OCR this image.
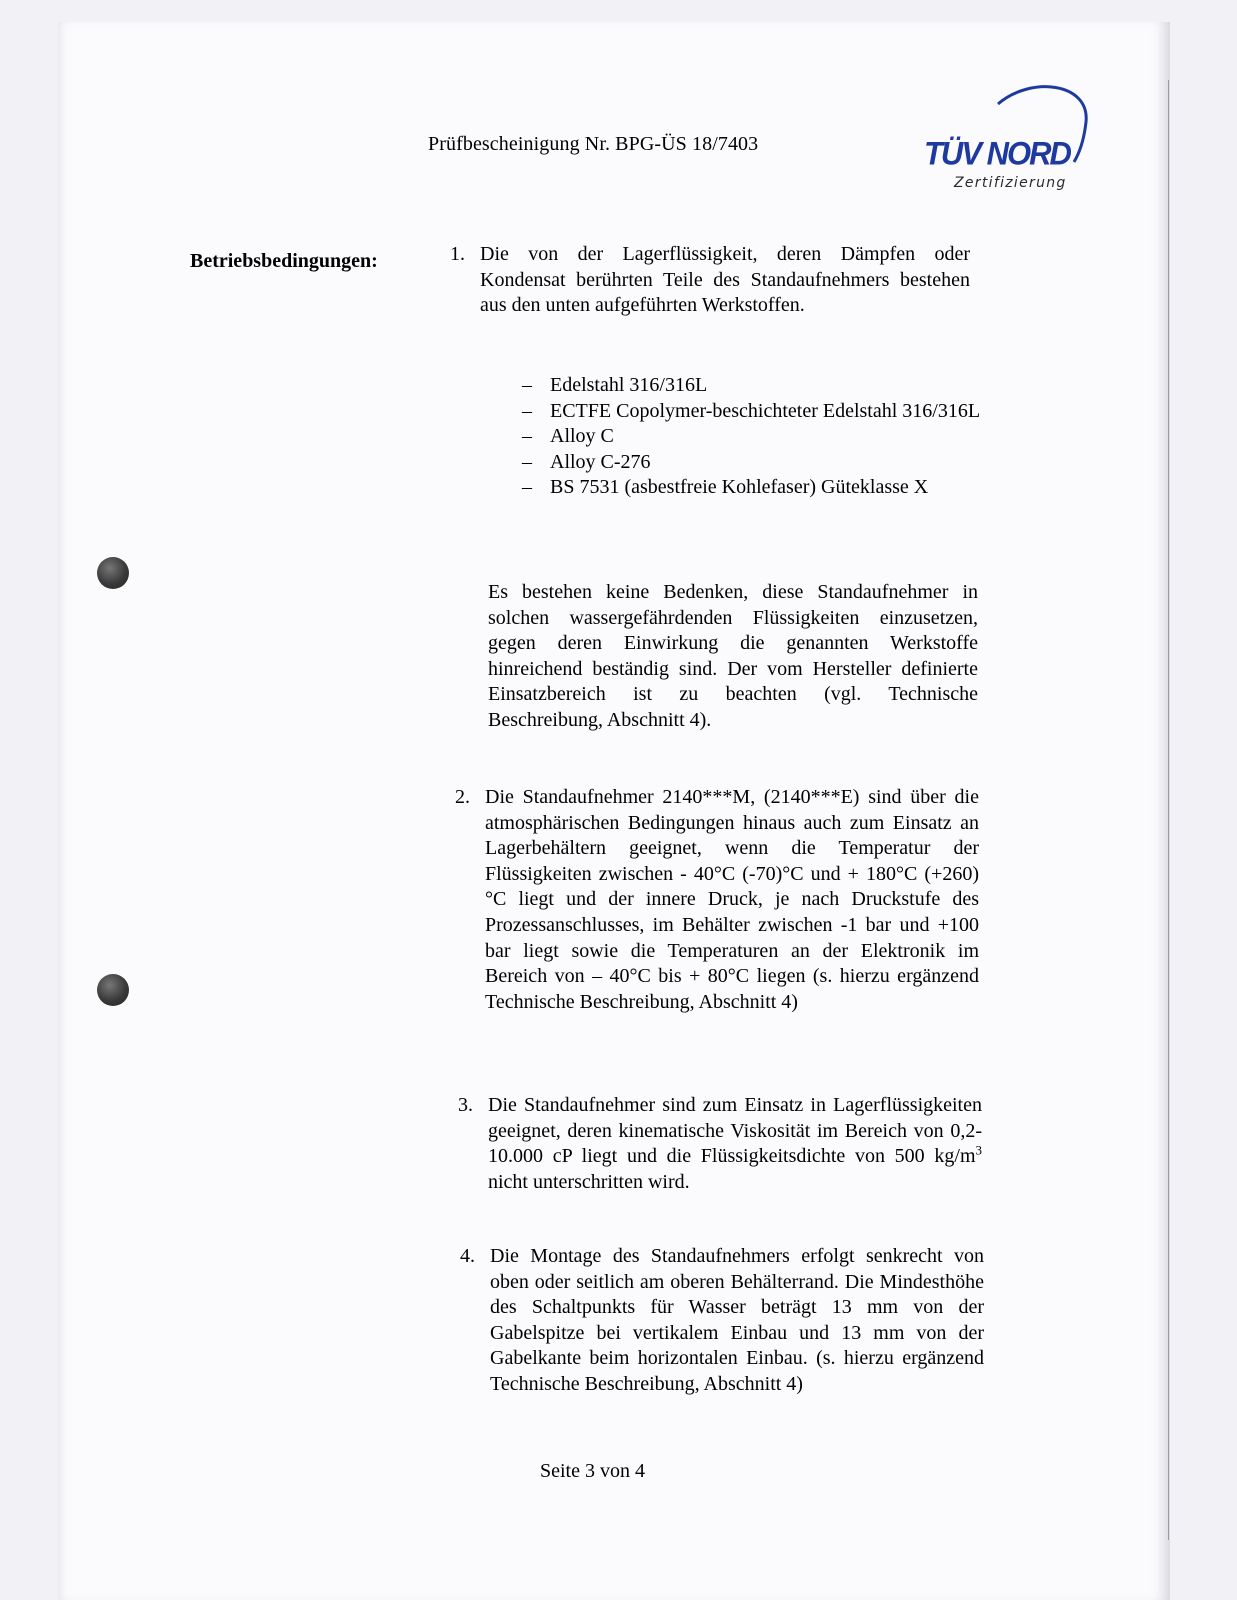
Prüfbescheinigung Nr. BPG-ÜS 18/7403	TÜV NORD
Zertifizierung
Betriebsbedingungen:	1. Die von der Lagerflüssigkeit, deren Dämpfen oder Kondensat berührten Teile des Standaufnehmers bestehen aus den unten aufgeführten Werkstoffen.
– Edelstahl 316/316L
– ECTFE Copolymer-beschichteter Edelstahl 316/316L
– Alloy C
– Alloy C-276
– BS 7531 (asbestfreie Kohlefaser) Güteklasse X
Es bestehen keine Bedenken, diese Standaufnehmer in solchen wassergefährdenden Flüssigkeiten einzusetzen, gegen deren Einwirkung die genannten Werkstoffe hinreichend beständig sind. Der vom Hersteller definierte Einsatzbereich ist zu beachten (vgl. Technische Beschreibung, Abschnitt 4).
2. Die Standaufnehmer 2140***M, (2140***E) sind über die atmosphärischen Bedingungen hinaus auch zum Einsatz an Lagerbehältern geeignet, wenn die Temperatur der Flüssigkeiten zwischen - 40°C (-70)°C und + 180°C (+260)°C liegt und der innere Druck, je nach Druckstufe des Prozessanschlusses, im Behälter zwischen -1 bar und +100 bar liegt sowie die Temperaturen an der Elektronik im Bereich von – 40°C bis + 80°C liegen (s. hierzu ergänzend Technische Beschreibung, Abschnitt 4)
3. Die Standaufnehmer sind zum Einsatz in Lagerflüssigkeiten geeignet, deren kinematische Viskosität im Bereich von 0,2- 10.000 cP liegt und die Flüssigkeitsdichte von 500 $kg/m^3$ nicht unterschritten wird.
4. Die Montage des Standaufnehmers erfolgt senkrecht von oben oder seitlich am oberen Behälterrand. Die Mindesthöhe des Schaltpunkts für Wasser beträgt 13 mm von der Gabelspitze bei vertikalem Einbau und 13 mm von der Gabelkante beim horizontalen Einbau. (s. hierzu ergänzend Technische Beschreibung, Abschnitt 4)
Seite 3 von 4
